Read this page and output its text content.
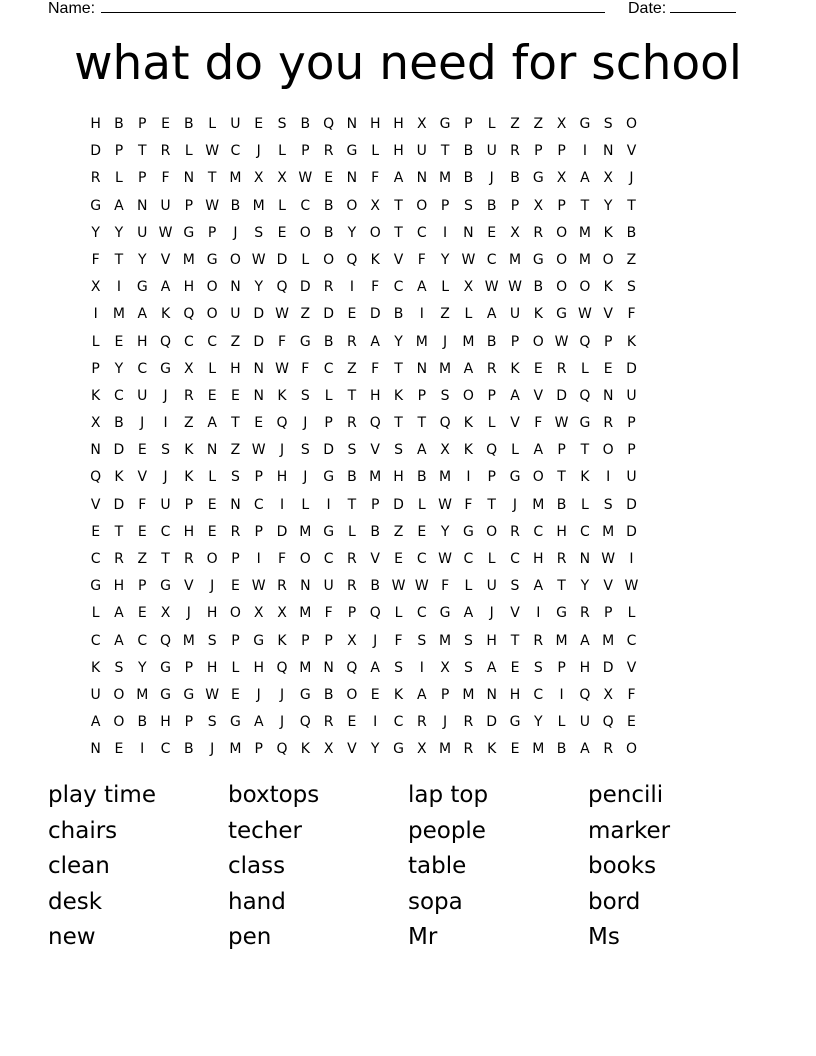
Name:	Date:
what do you need for school
H B P E B L U E S B Q N H H X G P L Z Z X G S O
D P T R L W C J L P R G L H U T B U R P P I N V
R L P F N T M X X W E N F A N M B J B G X A X J
G A N U P W B M L C B O X T O P S B P X P T Y T
Y Y U W G P J S E O B Y O T C I N E X R O M K B
F T Y V M G O W D L O Q K V F Y W C M G O M O Z
X I G A H O N Y Q D R I F C A L X W W B O O K S
I M A K Q O U D W Z D E D B I Z L A U K G W V F
L E H Q C C Z D F G B R A Y M J M B P O W Q P K
P Y C G X L H N W F C Z F T N M A R K E R L E D
K C U J R E E N K S L T H K P S O P A V D Q N U
X B J I Z A T E Q J P R Q T T Q K L V F W G R P
N D E S K N Z W J S D S V S A X K Q L A P T O P
Q K V J K L S P H J G B M H B M I P G O T K I U
V D F U P E N C I L I T P D L W F T J M B L S D
E T E C H E R P D M G L B Z E Y G O R C H C M D
C R Z T R O P I F O C R V E C W C L C H R N W I
G H P G V J E W R N U R B W W F L U S A T Y V W
L A E X J H O X X M F P Q L C G A J V I G R P L
C A C Q M S P G K P P X J F S M S H T R M A M C
K S Y G P H L H Q M N Q A S I X S A E S P H D V
U O M G G W E J J G B O E K A P M N H C I Q X F
A O B H P S G A J Q R E I C R J R D G Y L U Q E
N E I C B J M P Q K X V Y G X M R K E M B A R O
play time	boxtops	lap top	pencili
chairs	techer	people	marker
clean	class	table	books
desk	hand	sopa	bord
new	pen	Mr	Ms
